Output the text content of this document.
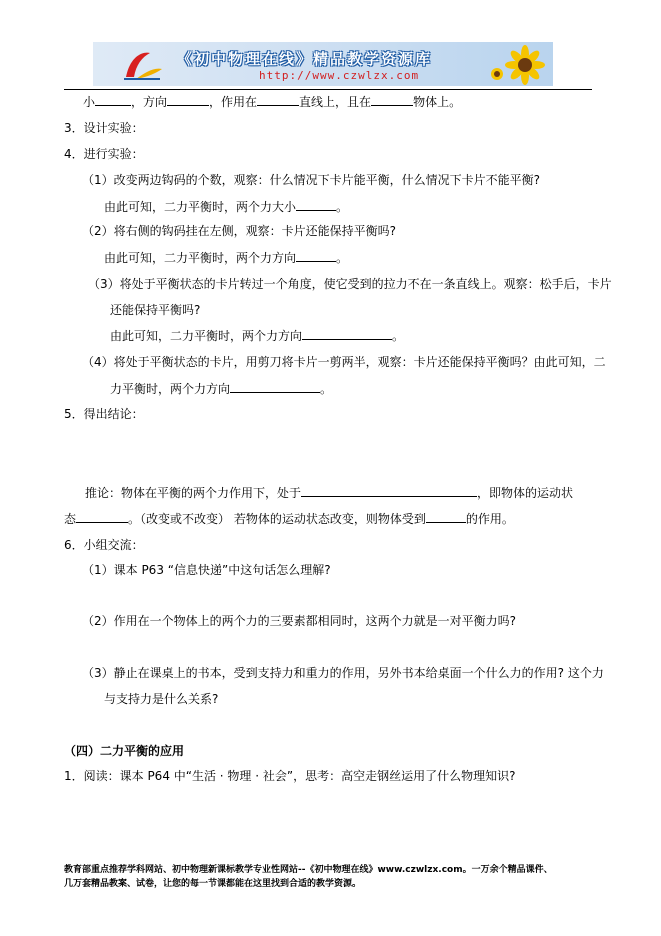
《初中物理在线》精品教学资源库
http://www.czwlzx.com
小	，方向	，作用在	直线上，且在	物体上。
3．设计实验：
4．进行实验：
（1）改变两边钩码的个数，观察：什么情况下卡片能平衡，什么情况下卡片不能平衡?
由此可知，二力平衡时，两个力大小	。
（2）将右侧的钩码挂在左侧，观察：卡片还能保持平衡吗?
由此可知，二力平衡时，两个力方向	。
（3）将处于平衡状态的卡片转过一个角度，使它受到的拉力不在一条直线上。观察：松手后，卡片
还能保持平衡吗?
由此可知，二力平衡时，两个力方向	。
（4）将处于平衡状态的卡片，用剪刀将卡片一剪两半，观察：卡片还能保持平衡吗？由此可知，二
力平衡时，两个力方向	。
5．得出结论：
推论：物体在平衡的两个力作用下，处于	，即物体的运动状
态	。（改变或不改变） 若物体的运动状态改变，则物体受到	的作用。
6．小组交流：
（1）课本 P63 “信息快递”中这句话怎么理解?
（2）作用在一个物体上的两个力的三要素都相同时，这两个力就是一对平衡力吗?
（3）静止在课桌上的书本，受到支持力和重力的作用，另外书本给桌面一个什么力的作用? 这个力
与支持力是什么关系?
（四）二力平衡的应用
1．阅读：课本 P64 中“生活 · 物理 · 社会”，思考：高空走钢丝运用了什么物理知识?
教育部重点推荐学科网站、初中物理新课标教学专业性网站--《初中物理在线》www.czwlzx.com。一万余个精品课件、
几万套精品教案、试卷，让您的每一节课都能在这里找到合适的教学资源。
